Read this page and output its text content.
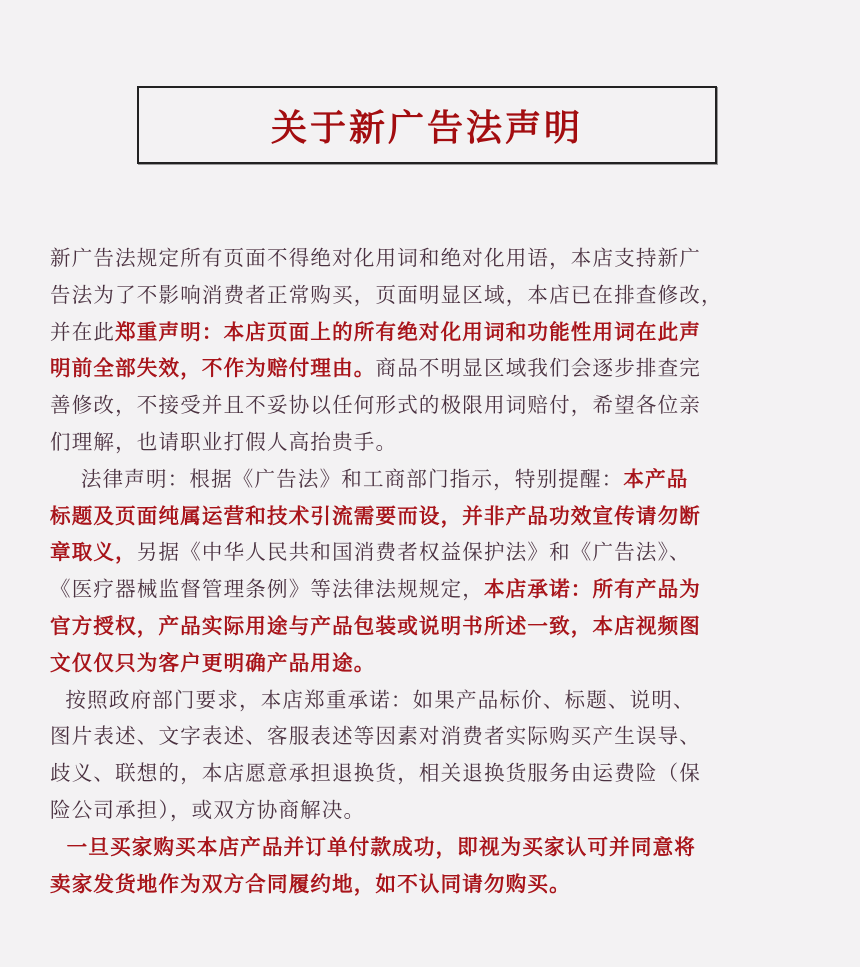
关于新广告法声明
新广告法规定所有页面不得绝对化用词和绝对化用语，本店支持新广
告法为了不影响消费者正常购买，页面明显区域，本店已在排查修改，
并在此郑重声明：本店页面上的所有绝对化用词和功能性用词在此声
明前全部失效，不作为赔付理由。商品不明显区域我们会逐步排查完
善修改，不接受并且不妥协以任何形式的极限用词赔付，希望各位亲
们理解，也请职业打假人高抬贵手。
法律声明：根据《广告法》和工商部门指示，特别提醒：本产品
标题及页面纯属运营和技术引流需要而设，并非产品功效宣传请勿断
章取义，另据《中华人民共和国消费者权益保护法》和《广告法》、
《医疗器械监督管理条例》等法律法规规定，本店承诺：所有产品为
官方授权，产品实际用途与产品包装或说明书所述一致，本店视频图
文仅仅只为客户更明确产品用途。
按照政府部门要求，本店郑重承诺：如果产品标价、标题、说明、
图片表述、文字表述、客服表述等因素对消费者实际购买产生误导、
歧义、联想的，本店愿意承担退换货，相关退换货服务由运费险（保
险公司承担），或双方协商解决。
一旦买家购买本店产品并订单付款成功，即视为买家认可并同意将
卖家发货地作为双方合同履约地，如不认同请勿购买。
